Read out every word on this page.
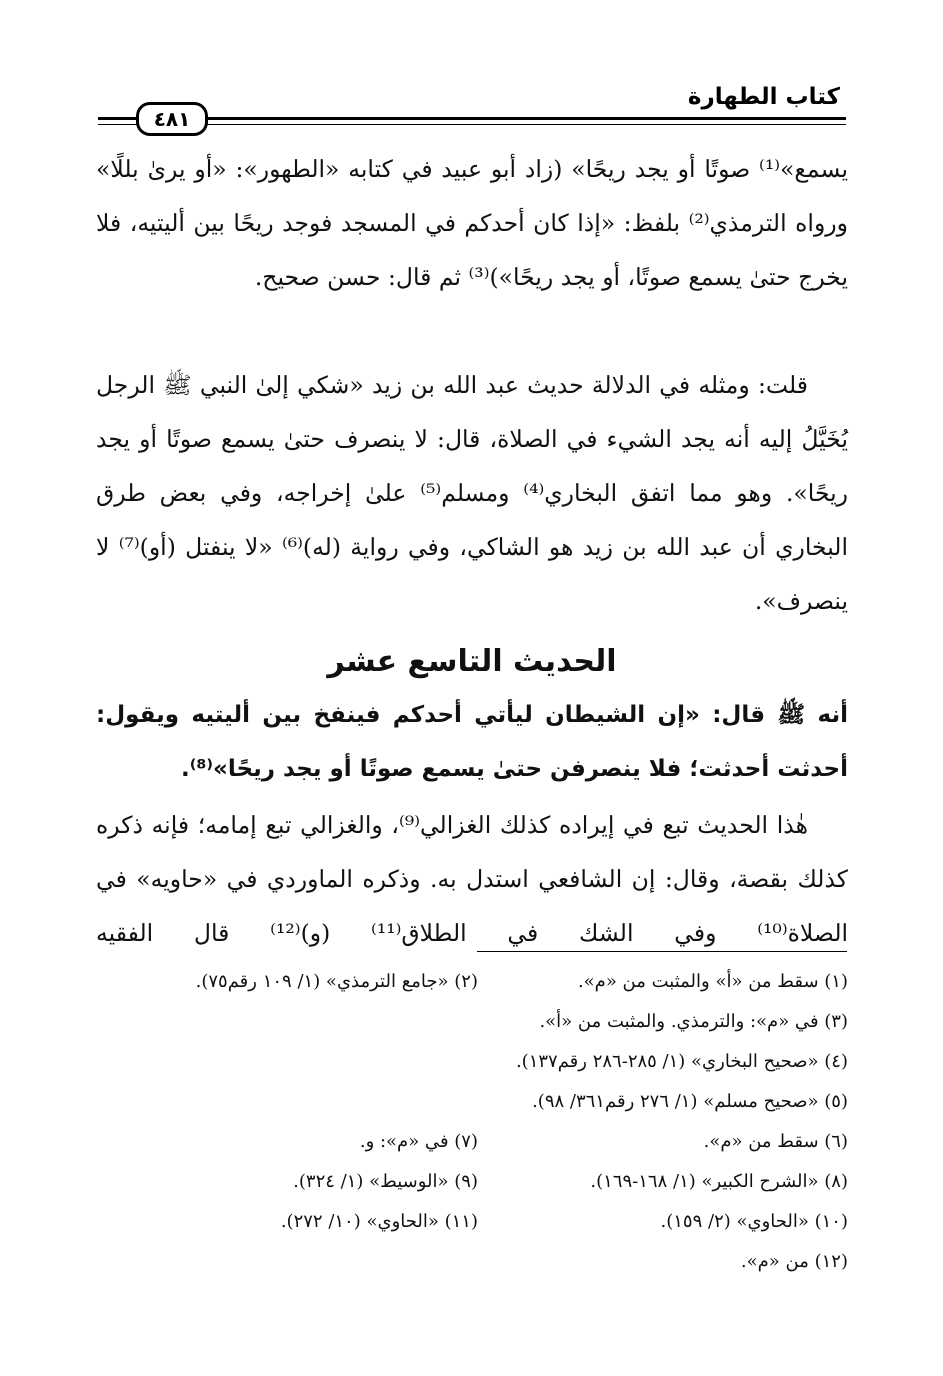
كتاب الطهارة
٤٨١

يسمع»⁽¹⁾ صوتًا أو يجد ريحًا» (زاد أبو عبيد في كتابه «الطهور»: «أو يرىٰ بللًا» ورواه الترمذي⁽²⁾ بلفظ: «إذا كان أحدكم في المسجد فوجد ريحًا بين أليتيه، فلا يخرج حتىٰ يسمع صوتًا، أو يجد ريحًا»)⁽³⁾ ثم قال: حسن صحيح.

قلت: ومثله في الدلالة حديث عبد الله بن زيد «شكي إلىٰ النبي ﷺ الرجل يُخَيَّلُ إليه أنه يجد الشيء في الصلاة، قال: لا ينصرف حتىٰ يسمع صوتًا أو يجد ريحًا». وهو مما اتفق البخاري⁽⁴⁾ ومسلم⁽⁵⁾ علىٰ إخراجه، وفي بعض طرق البخاري أن عبد الله بن زيد هو الشاكي، وفي رواية (له)⁽⁶⁾ «لا ينفتل (أو)⁽⁷⁾ لا ينصرف».

الحديث التاسع عشر

أنه ﷺ قال: «إن الشيطان ليأتي أحدكم فينفخ بين أليتيه ويقول: أحدثت أحدثت؛ فلا ينصرفن حتىٰ يسمع صوتًا أو يجد ريحًا»⁽⁸⁾.

هٰذا الحديث تبع في إيراده كذلك الغزالي⁽⁹⁾، والغزالي تبع إمامه؛ فإنه ذكره كذلك بقصة، وقال: إن الشافعي استدل به. وذكره الماوردي في «حاويه» في الصلاة⁽¹⁰⁾ وفي الشك في الطلاق⁽¹¹⁾ (و)⁽¹²⁾ قال الفقيه

(١) سقط من «أ» والمثبت من «م».
(٢) «جامع الترمذي» (١/ ١٠٩ رقم٧٥).
(٣) في «م»: والترمذي. والمثبت من «أ».
(٤) «صحيح البخاري» (١/ ٢٨٥-٢٨٦ رقم١٣٧).
(٥) «صحيح مسلم» (١/ ٢٧٦ رقم٣٦١/ ٩٨).
(٦) سقط من «م».
(٧) في «م»: و.
(٨) «الشرح الكبير» (١/ ١٦٨-١٦٩).
(٩) «الوسيط» (١/ ٣٢٤).
(١٠) «الحاوي» (٢/ ١٥٩).
(١١) «الحاوي» (١٠/ ٢٧٢).
(١٢) من «م».
